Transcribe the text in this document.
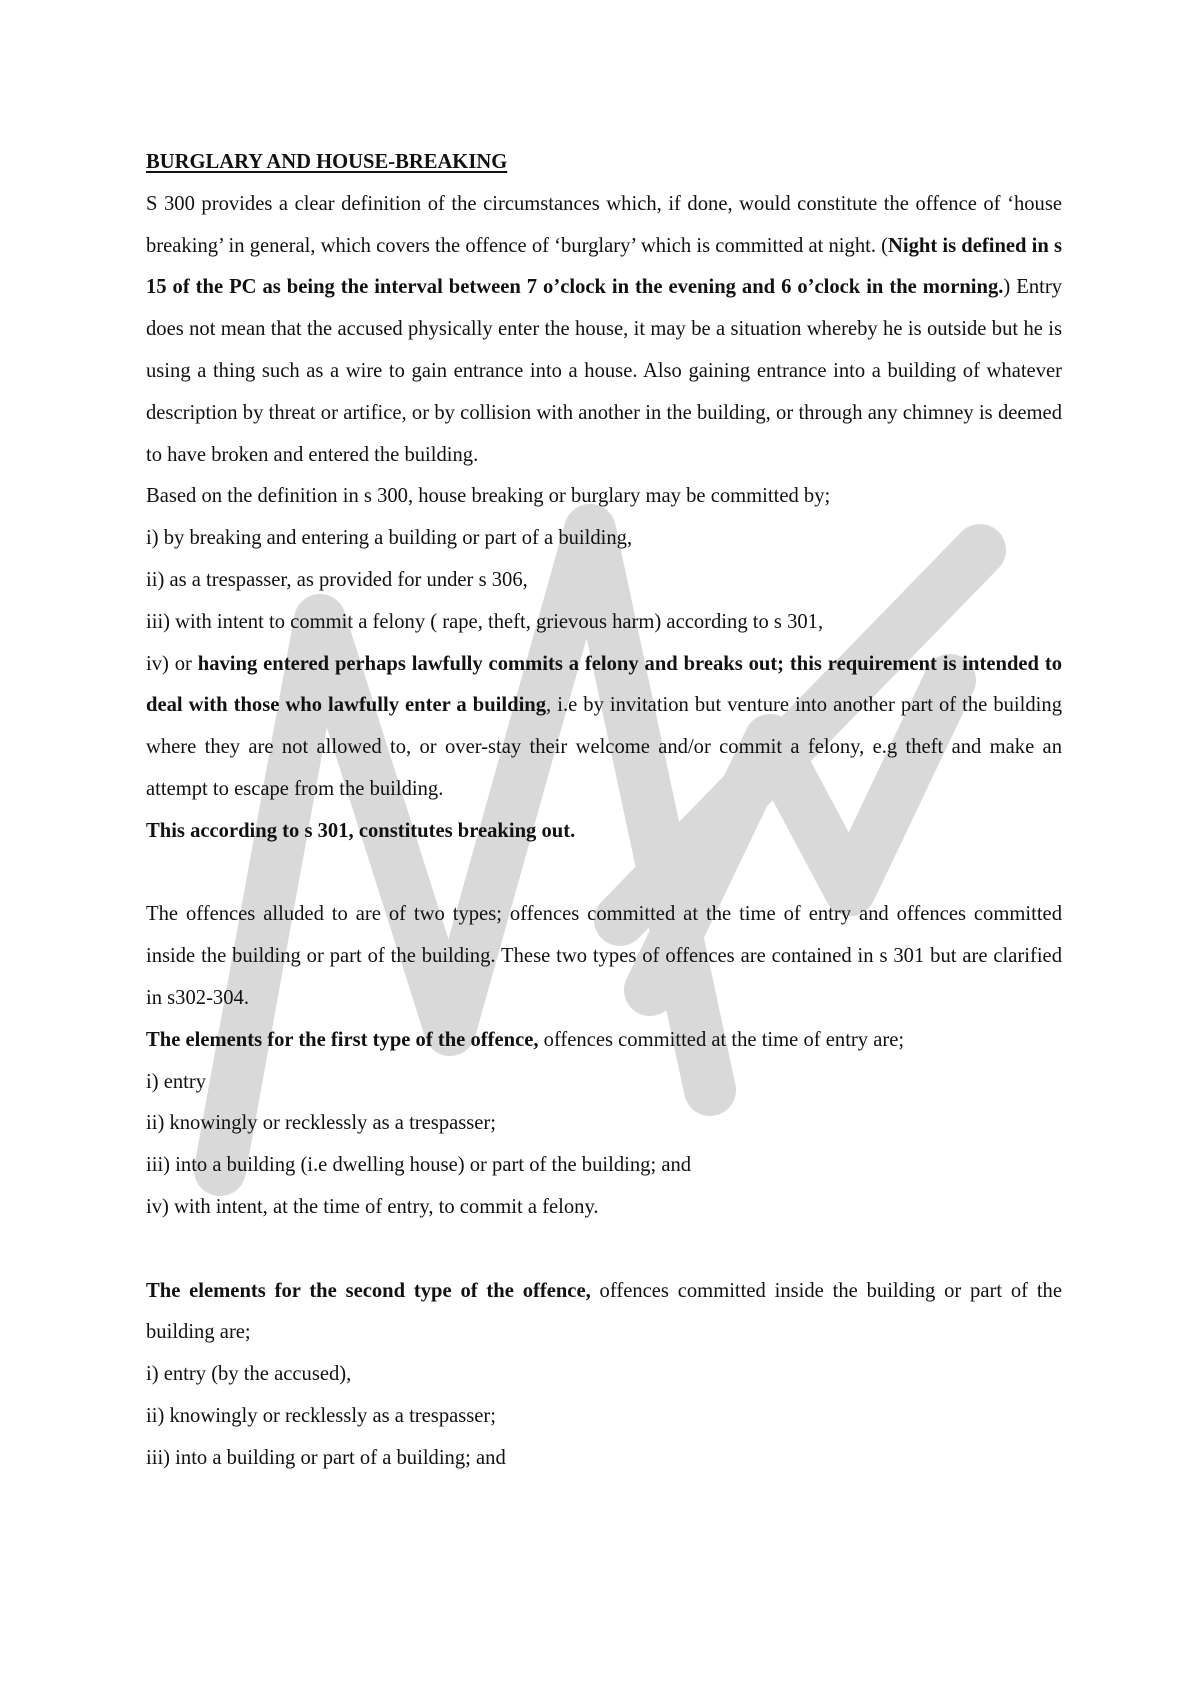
BURGLARY AND HOUSE-BREAKING

S 300 provides a clear definition of the circumstances which, if done, would constitute the offence of ‘house breaking’ in general, which covers the offence of ‘burglary’ which is committed at night. (Night is defined in s 15 of the PC as being the interval between 7 o’clock in the evening and 6 o’clock in the morning.) Entry does not mean that the accused physically enter the house, it may be a situation whereby he is outside but he is using a thing such as a wire to gain entrance into a house. Also gaining entrance into a building of whatever description by threat or artifice, or by collision with another in the building, or through any chimney is deemed to have broken and entered the building.

Based on the definition in s 300, house breaking or burglary may be committed by;

i) by breaking and entering a building or part of a building,

ii) as a trespasser, as provided for under s 306,

iii) with intent to commit a felony ( rape, theft, grievous harm) according to s 301,

iv) or having entered perhaps lawfully commits a felony and breaks out; this requirement is intended to deal with those who lawfully enter a building, i.e by invitation but venture into another part of the building where they are not allowed to, or over-stay their welcome and/or commit a felony, e.g theft and make an attempt to escape from the building.

This according to s 301, constitutes breaking out.

The offences alluded to are of two types; offences committed at the time of entry and offences committed inside the building or part of the building. These two types of offences are contained in s 301 but are clarified in s302-304.

The elements for the first type of the offence, offences committed at the time of entry are;

i) entry

ii) knowingly or recklessly as a trespasser;

iii) into a building (i.e dwelling house) or part of the building; and

iv) with intent, at the time of entry, to commit a felony.

The elements for the second type of the offence, offences committed inside the building or part of the building are;

i) entry (by the accused),

ii) knowingly or recklessly as a trespasser;

iii) into a building or part of a building; and
